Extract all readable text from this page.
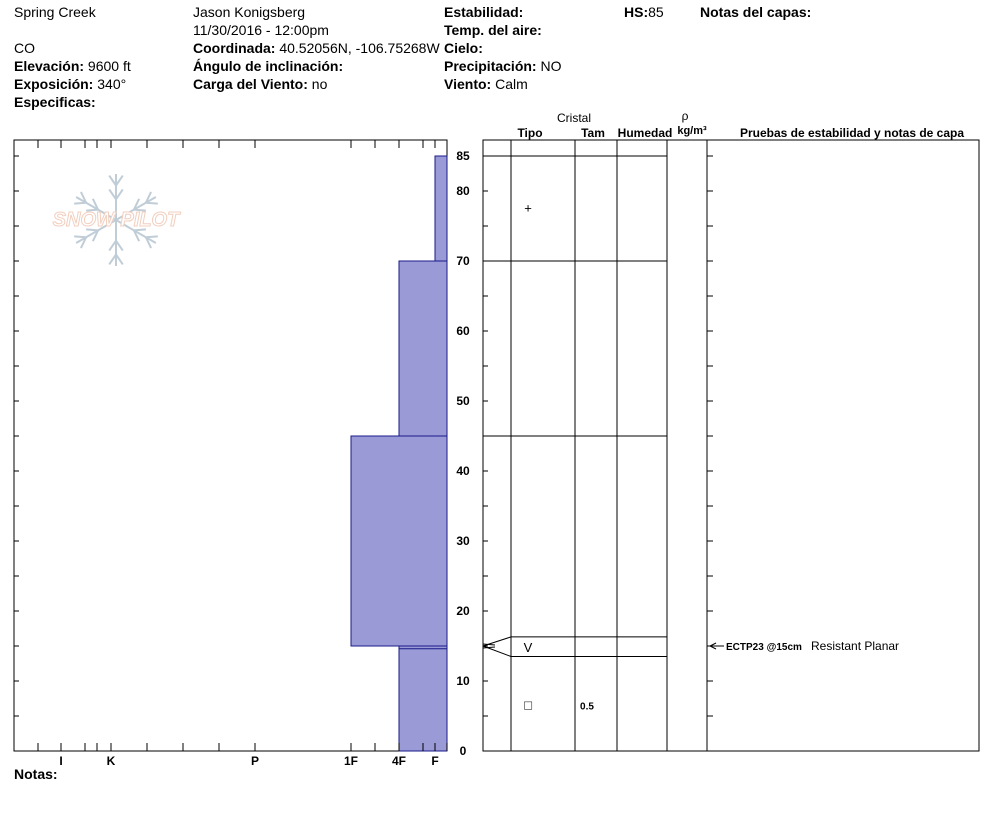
Spring Creek
CO
Elevación: 9600 ft
Exposición: 340°
Especificas:
Jason Konigsberg
11/30/2016 - 12:00pm
Coordinada: 40.52056N, -106.75268W
Ángulo de inclinación:
Carga del Viento: no
Estabilidad:
Temp. del aire:
Cielo:
Precipitación: NO
Viento: Calm
HS:85	Notas del capas:
Notas:
SNOW PILOT
I	K	P	1F	4F F
0
10
20
30
40
50
60
70
80
85
Cristal
Tipo	Tam Humedad
ρ
kg/m³	Pruebas de estabilidad y notas de capa
+
V
□	0.5
ECTP23 @15cm Resistant Planar
